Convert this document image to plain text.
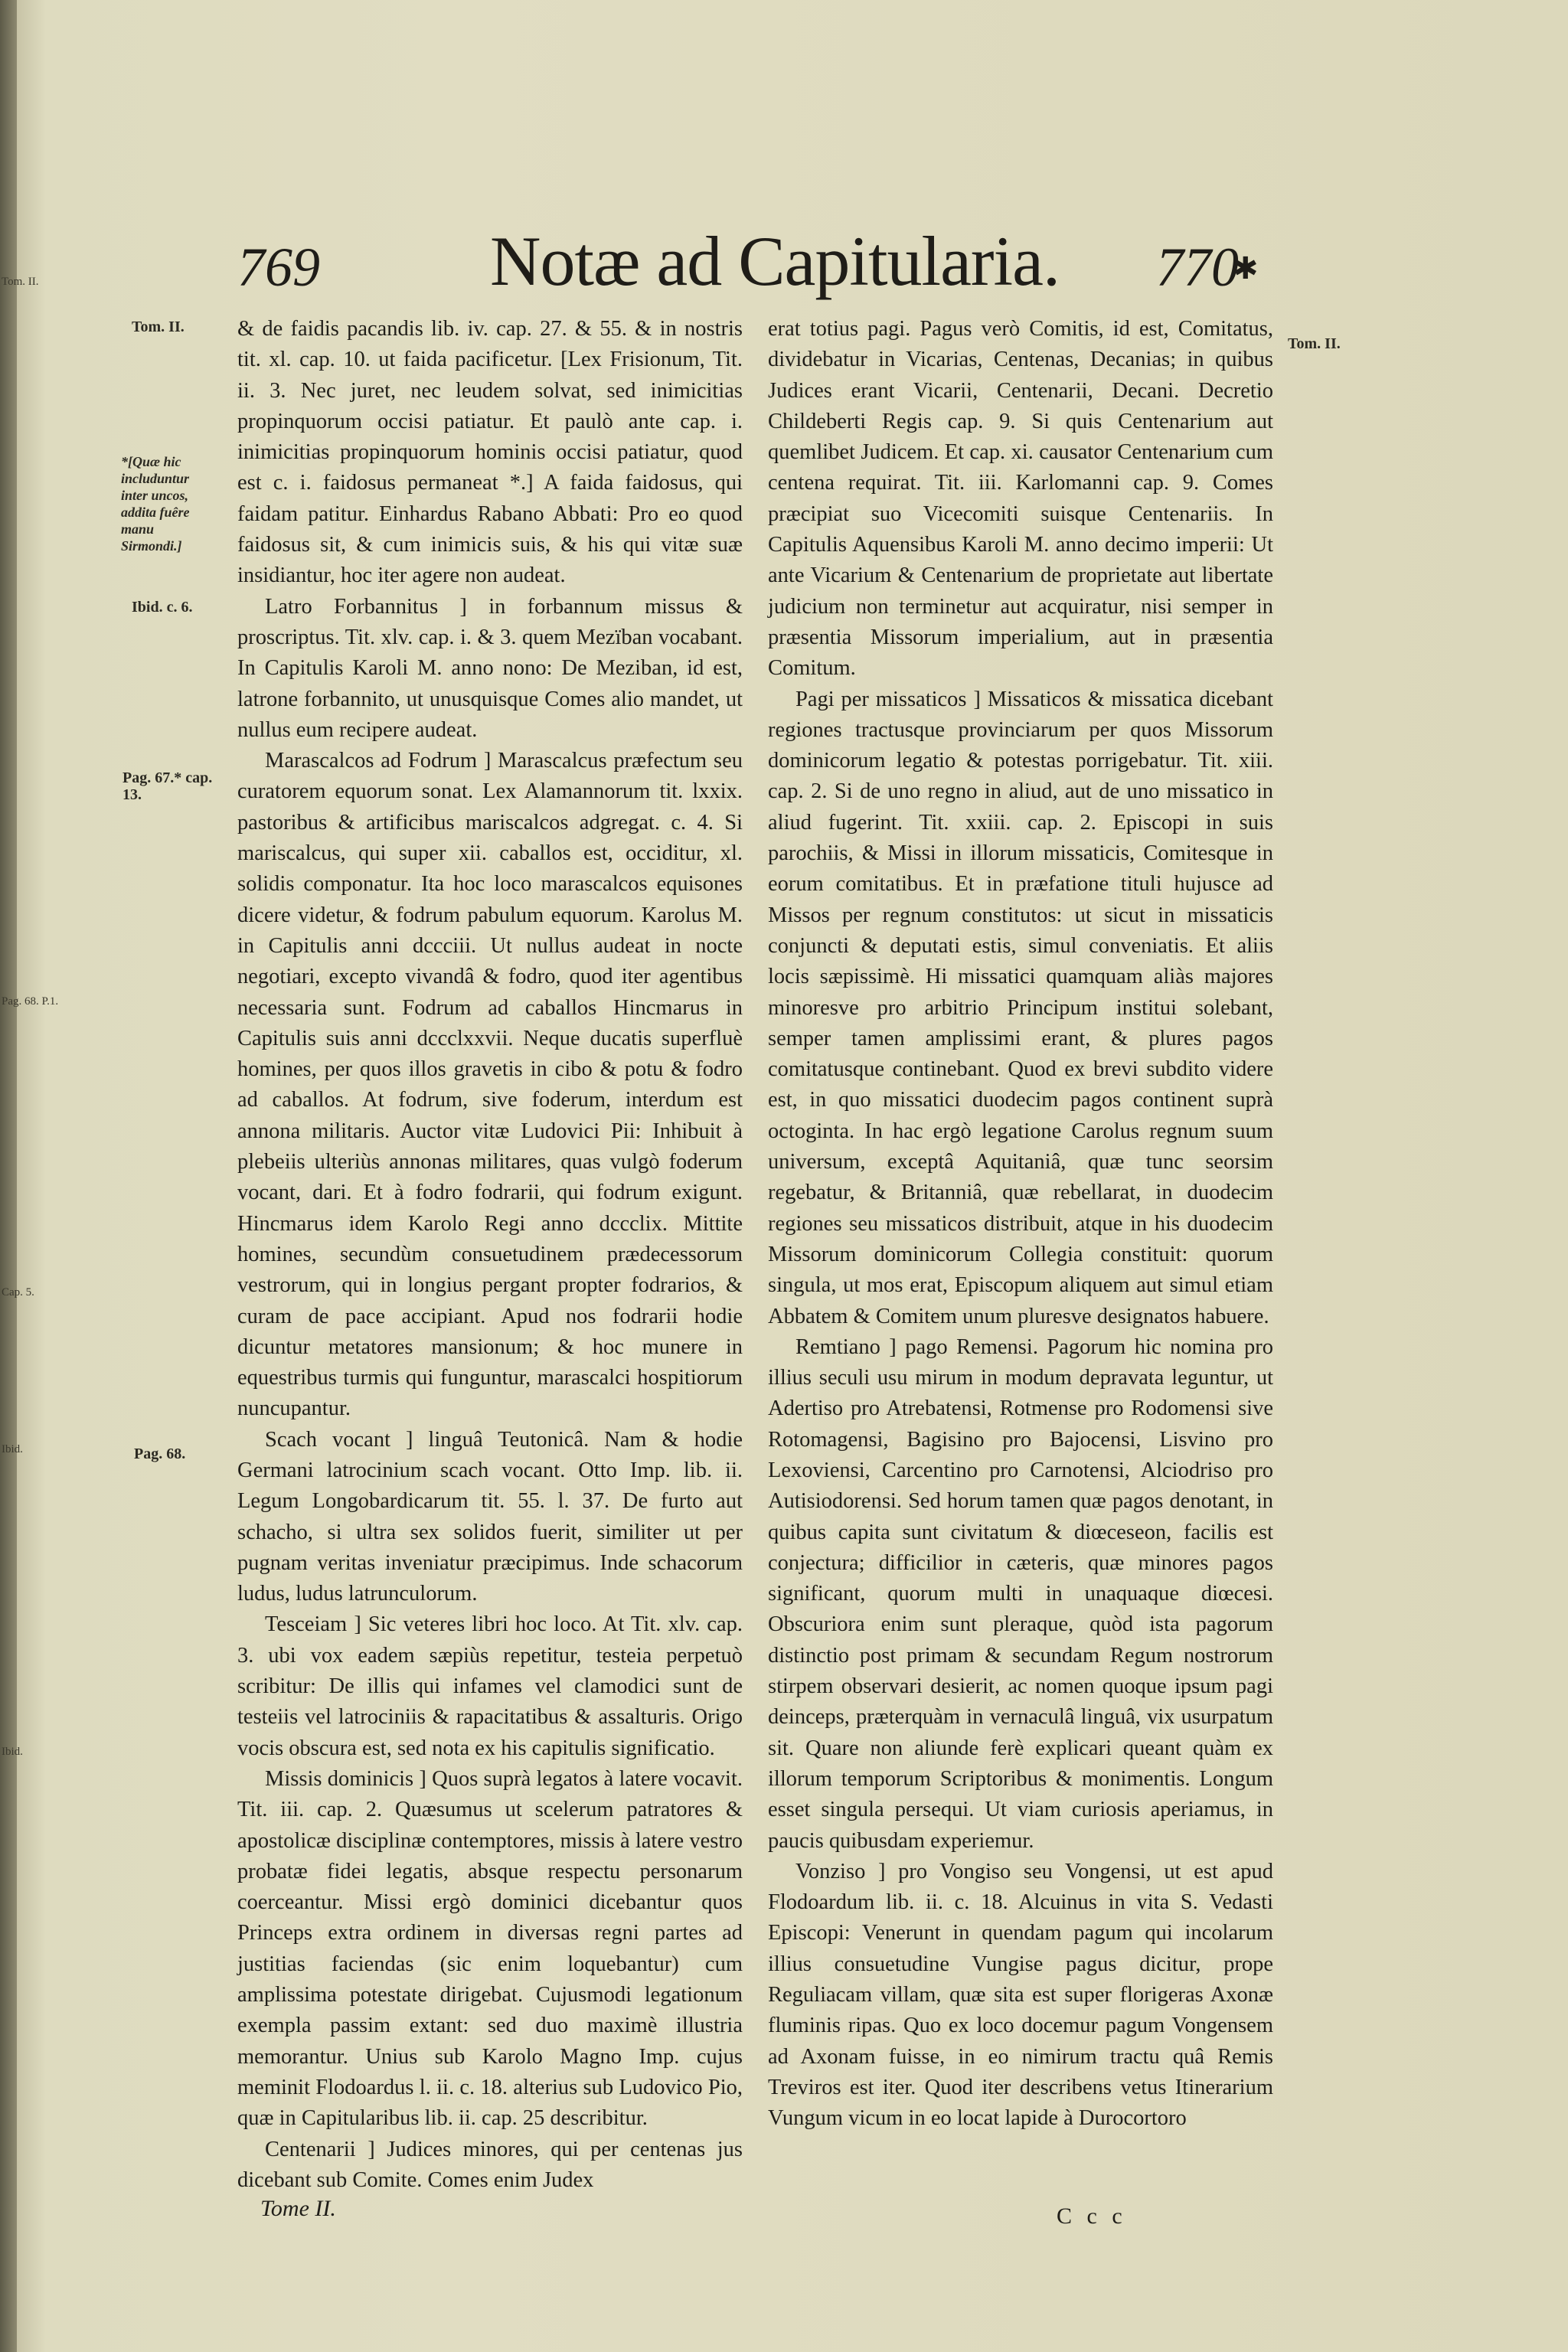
Tom. II.
Pag. 68. P.1.
Cap. 5.
Ibid.
Ibid.
769 Notæ ad Capitularia. 770
✱
Tom. II.
*[Quæ hic includuntur inter uncos, addita fuêre manu Sirmondi.]
Ibid. c. 6.
Pag. 67.* cap. 13.
Pag. 68.
Tom. II.

& de faidis pacandis lib. iv. cap. 27. & 55. & in nostris tit. xl. cap. 10. ut faida pacificetur. [Lex Frisionum, Tit. ii. 3. Nec juret, nec leudem solvat, sed inimicitias propinquorum occisi patiatur. Et paulò ante cap. i. inimicitias propinquorum hominis occisi patiatur, quod est c. i. faidosus permaneat *.] A faida faidosus, qui faidam patitur. Einhardus Rabano Abbati: Pro eo quod faidosus sit, & cum inimicis suis, & his qui vitæ suæ insidiantur, hoc iter agere non audeat.

Latro Forbannitus ] in forbannum missus & proscriptus. Tit. xlv. cap. i. & 3. quem Mezïban vocabant. In Capitulis Karoli M. anno nono: De Meziban, id est, latrone forbannito, ut unusquisque Comes alio mandet, ut nullus eum recipere audeat.

Marascalcos ad Fodrum ] Marascalcus præfectum seu curatorem equorum sonat. Lex Alamannorum tit. lxxix. pastoribus & artificibus mariscalcos adgregat. c. 4. Si mariscalcus, qui super xii. caballos est, occiditur, xl. solidis componatur. Ita hoc loco marascalcos equisones dicere videtur, & fodrum pabulum equorum. Karolus M. in Capitulis anni dccciii. Ut nullus audeat in nocte negotiari, excepto vivandâ & fodro, quod iter agentibus necessaria sunt. Fodrum ad caballos Hincmarus in Capitulis suis anni dccclxxvii. Neque ducatis superfluè homines, per quos illos gravetis in cibo & potu & fodro ad caballos. At fodrum, sive foderum, interdum est annona militaris. Auctor vitæ Ludovici Pii: Inhibuit à plebeiis ulteriùs annonas militares, quas vulgò foderum vocant, dari. Et à fodro fodrarii, qui fodrum exigunt. Hincmarus idem Karolo Regi anno dccclix. Mittite homines, secundùm consuetudinem prædecessorum vestrorum, qui in longius pergant propter fodrarios, & curam de pace accipiant. Apud nos fodrarii hodie dicuntur metatores mansionum; & hoc munere in equestribus turmis qui funguntur, marascalci hospitiorum nuncupantur.

Scach vocant ] linguâ Teutonicâ. Nam & hodie Germani latrocinium scach vocant. Otto Imp. lib. ii. Legum Longobardicarum tit. 55. l. 37. De furto aut schacho, si ultra sex solidos fuerit, similiter ut per pugnam veritas inveniatur præcipimus. Inde schacorum ludus, ludus latrunculorum.

Tesceiam ] Sic veteres libri hoc loco. At Tit. xlv. cap. 3. ubi vox eadem sæpiùs repetitur, testeia perpetuò scribitur: De illis qui infames vel clamodici sunt de testeiis vel latrociniis & rapacitatibus & assalturis. Origo vocis obscura est, sed nota ex his capitulis significatio.

Missis dominicis ] Quos suprà legatos à latere vocavit. Tit. iii. cap. 2. Quæsumus ut scelerum patratores & apostolicæ disciplinæ contemptores, missis à latere vestro probatæ fidei legatis, absque respectu personarum coerceantur. Missi ergò dominici dicebantur quos Princeps extra ordinem in diversas regni partes ad justitias faciendas (sic enim loquebantur) cum amplissima potestate dirigebat. Cujusmodi legationum exempla passim extant: sed duo maximè illustria memorantur. Unius sub Karolo Magno Imp. cujus meminit Flodoardus l. ii. c. 18. alterius sub Ludovico Pio, quæ in Capitularibus lib. ii. cap. 25 describitur.

Centenarii ] Judices minores, qui per centenas jus dicebant sub Comite. Comes enim Judex

Tome II.

erat totius pagi. Pagus verò Comitis, id est, Comitatus, dividebatur in Vicarias, Centenas, Decanias; in quibus Judices erant Vicarii, Centenarii, Decani. Decretio Childeberti Regis cap. 9. Si quis Centenarium aut quemlibet Judicem. Et cap. xi. causator Centenarium cum centena requirat. Tit. iii. Karlomanni cap. 9. Comes præcipiat suo Vicecomiti suisque Centenariis. In Capitulis Aquensibus Karoli M. anno decimo imperii: Ut ante Vicarium & Centenarium de proprietate aut libertate judicium non terminetur aut acquiratur, nisi semper in præsentia Missorum imperialium, aut in præsentia Comitum.

Pagi per missaticos ] Missaticos & missatica dicebant regiones tractusque provinciarum per quos Missorum dominicorum legatio & potestas porrigebatur. Tit. xiii. cap. 2. Si de uno regno in aliud, aut de uno missatico in aliud fugerint. Tit. xxiii. cap. 2. Episcopi in suis parochiis, & Missi in illorum missaticis, Comitesque in eorum comitatibus. Et in præfatione tituli hujusce ad Missos per regnum constitutos: ut sicut in missaticis conjuncti & deputati estis, simul conveniatis. Et aliis locis sæpissimè. Hi missatici quamquam aliàs majores minoresve pro arbitrio Principum institui solebant, semper tamen amplissimi erant, & plures pagos comitatusque continebant. Quod ex brevi subdito videre est, in quo missatici duodecim pagos continent suprà octoginta. In hac ergò legatione Carolus regnum suum universum, exceptâ Aquitaniâ, quæ tunc seorsim regebatur, & Britanniâ, quæ rebellarat, in duodecim regiones seu missaticos distribuit, atque in his duodecim Missorum dominicorum Collegia constituit: quorum singula, ut mos erat, Episcopum aliquem aut simul etiam Abbatem & Comitem unum pluresve designatos habuere.

Remtiano ] pago Remensi. Pagorum hic nomina pro illius seculi usu mirum in modum depravata leguntur, ut Adertiso pro Atrebatensi, Rotmense pro Rodomensi sive Rotomagensi, Bagisino pro Bajocensi, Lisvino pro Lexoviensi, Carcentino pro Carnotensi, Alciodriso pro Autisiodorensi. Sed horum tamen quæ pagos denotant, in quibus capita sunt civitatum & diœceseon, facilis est conjectura; difficilior in cæteris, quæ minores pagos significant, quorum multi in unaquaque diœcesi. Obscuriora enim sunt pleraque, quòd ista pagorum distinctio post primam & secundam Regum nostrorum stirpem observari desierit, ac nomen quoque ipsum pagi deinceps, præterquàm in vernaculâ linguâ, vix usurpatum sit. Quare non aliunde ferè explicari queant quàm ex illorum temporum Scriptoribus & monimentis. Longum esset singula persequi. Ut viam curiosis aperiamus, in paucis quibusdam experiemur.

Vonziso ] pro Vongiso seu Vongensi, ut est apud Flodoardum lib. ii. c. 18. Alcuinus in vita S. Vedasti Episcopi: Venerunt in quendam pagum qui incolarum illius consuetudine Vungise pagus dicitur, prope Reguliacam villam, quæ sita est super florigeras Axonæ fluminis ripas. Quo ex loco docemur pagum Vongensem ad Axonam fuisse, in eo nimirum tractu quâ Remis Treviros est iter. Quod iter describens vetus Itinerarium Vungum vicum in eo locat lapide à Durocortoro

C c c
